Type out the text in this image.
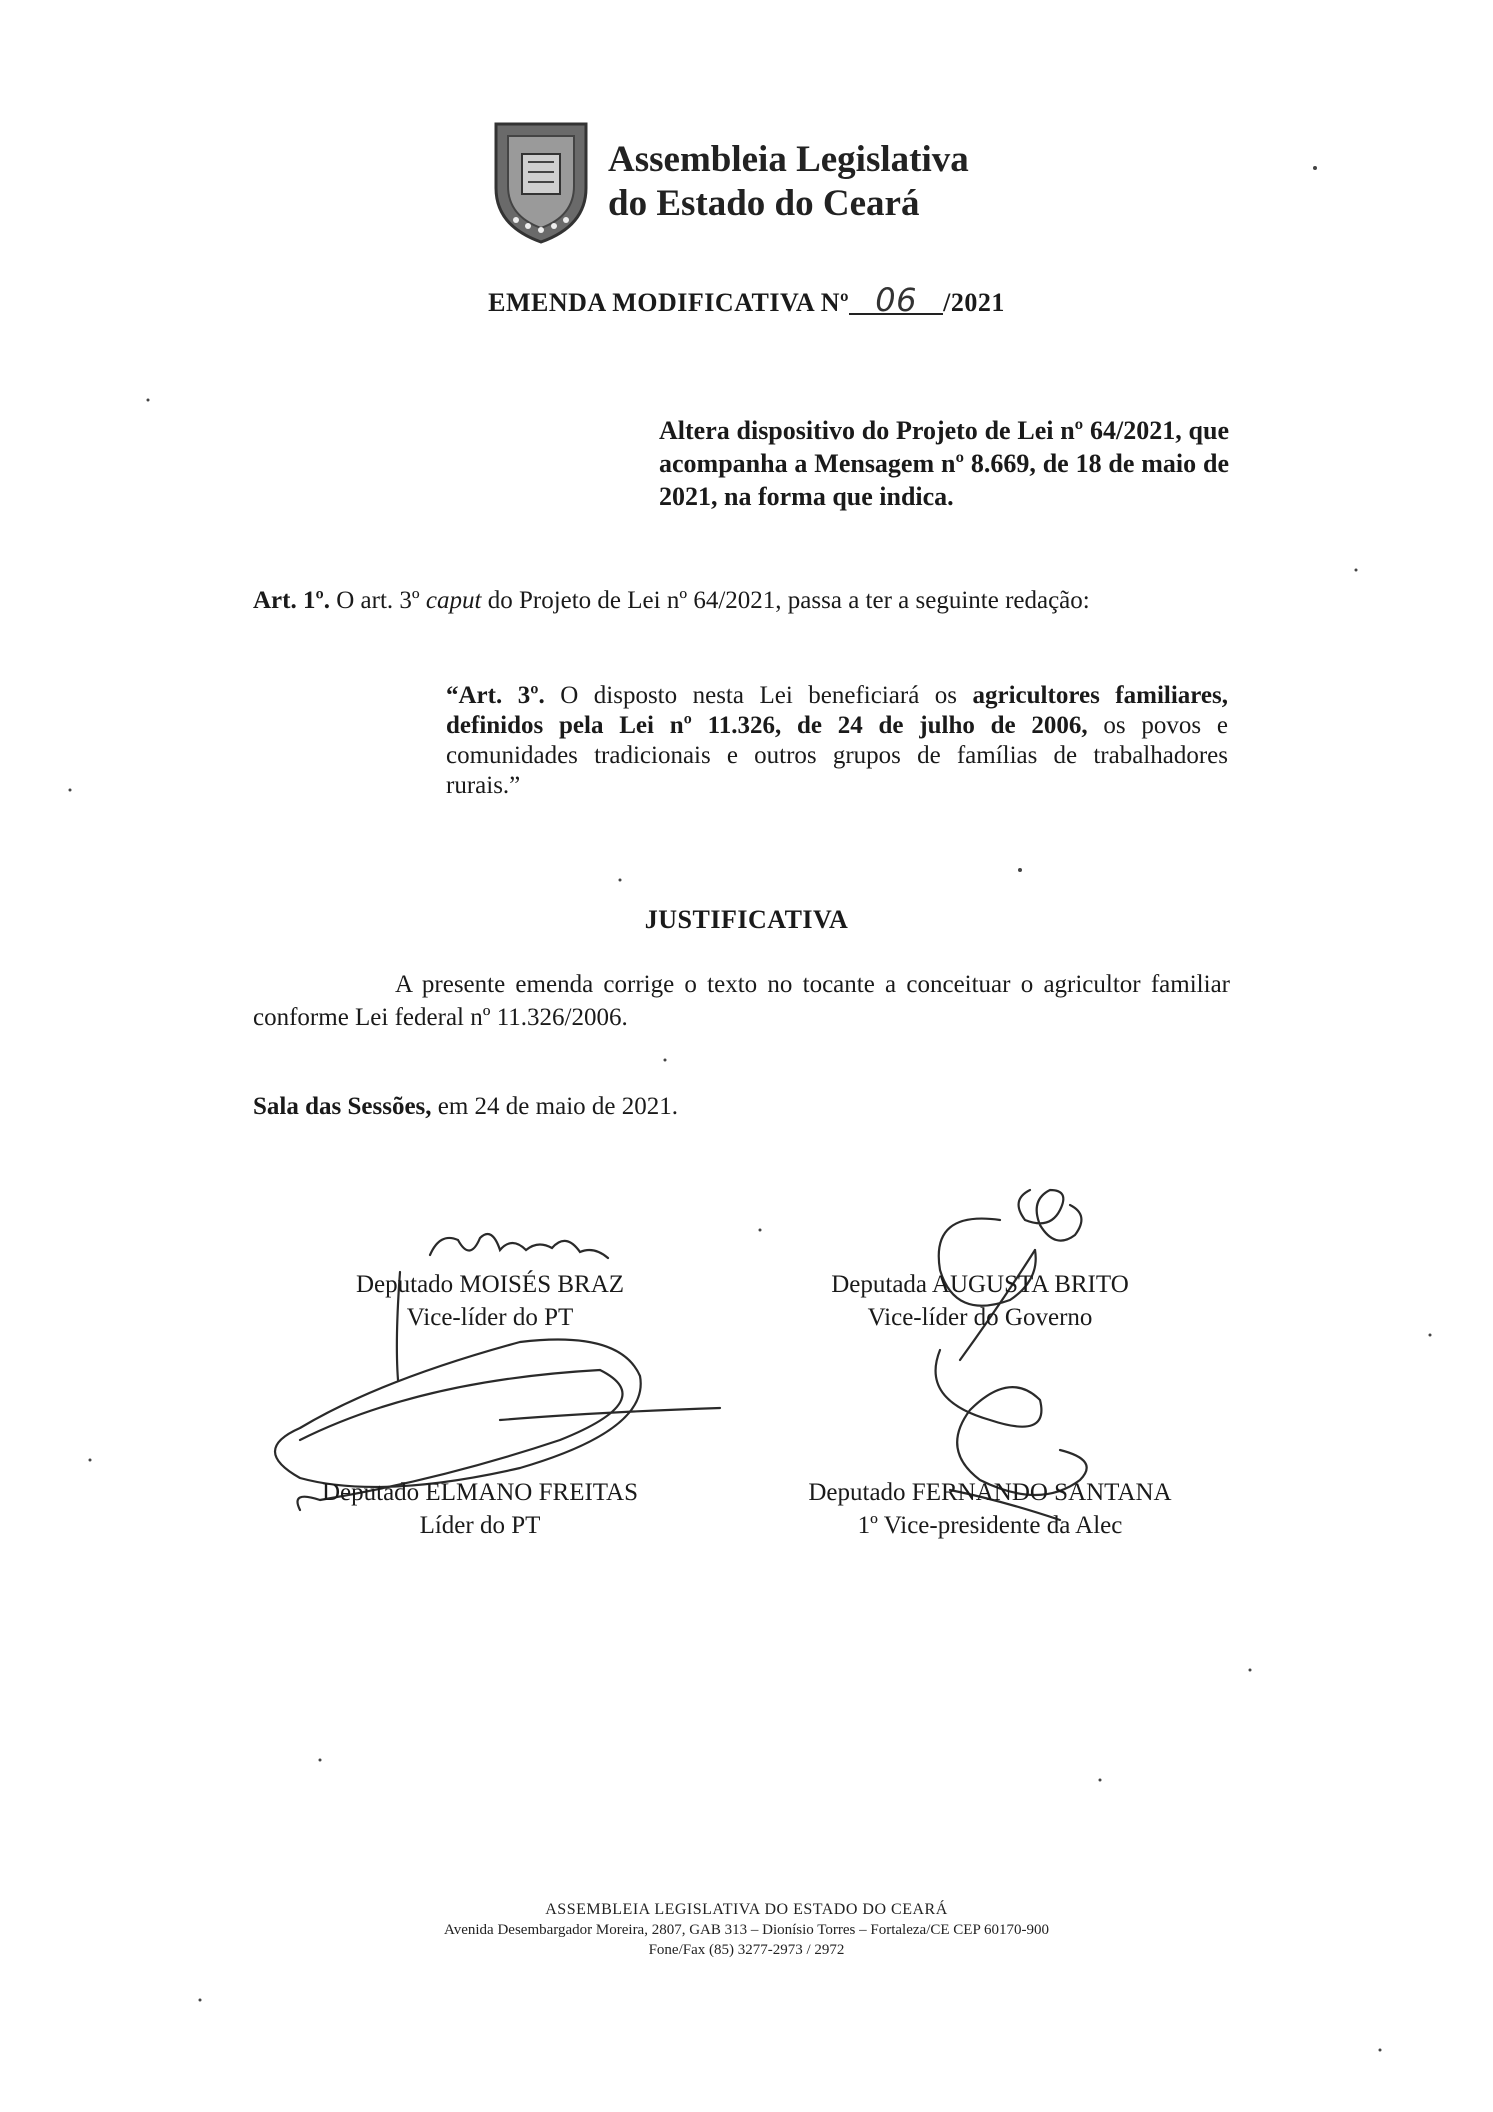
Assembleia Legislativa
do Estado do Ceará
EMENDA MODIFICATIVA Nº 06 /2021
Altera dispositivo do Projeto de Lei nº 64/2021, que acompanha a Mensagem nº 8.669, de 18 de maio de 2021, na forma que indica.
Art. 1º. O art. 3º caput do Projeto de Lei nº 64/2021, passa a ter a seguinte redação:
“Art. 3º. O disposto nesta Lei beneficiará os agricultores familiares, definidos pela Lei nº 11.326, de 24 de julho de 2006, os povos e comunidades tradicionais e outros grupos de famílias de trabalhadores rurais.”
JUSTIFICATIVA
A presente emenda corrige o texto no tocante a conceituar o agricultor familiar conforme Lei federal nº 11.326/2006.
Sala das Sessões, em 24 de maio de 2021.
Deputado MOISÉS BRAZ
Vice-líder do PT
Deputada AUGUSTA BRITO
Vice-líder do Governo
Deputado ELMANO FREITAS
Líder do PT
Deputado FERNANDO SANTANA
1º Vice-presidente da Alec
ASSEMBLEIA LEGISLATIVA DO ESTADO DO CEARÁ
Avenida Desembargador Moreira, 2807, GAB 313 – Dionísio Torres – Fortaleza/CE CEP 60170-900
Fone/Fax (85) 3277-2973 / 2972
